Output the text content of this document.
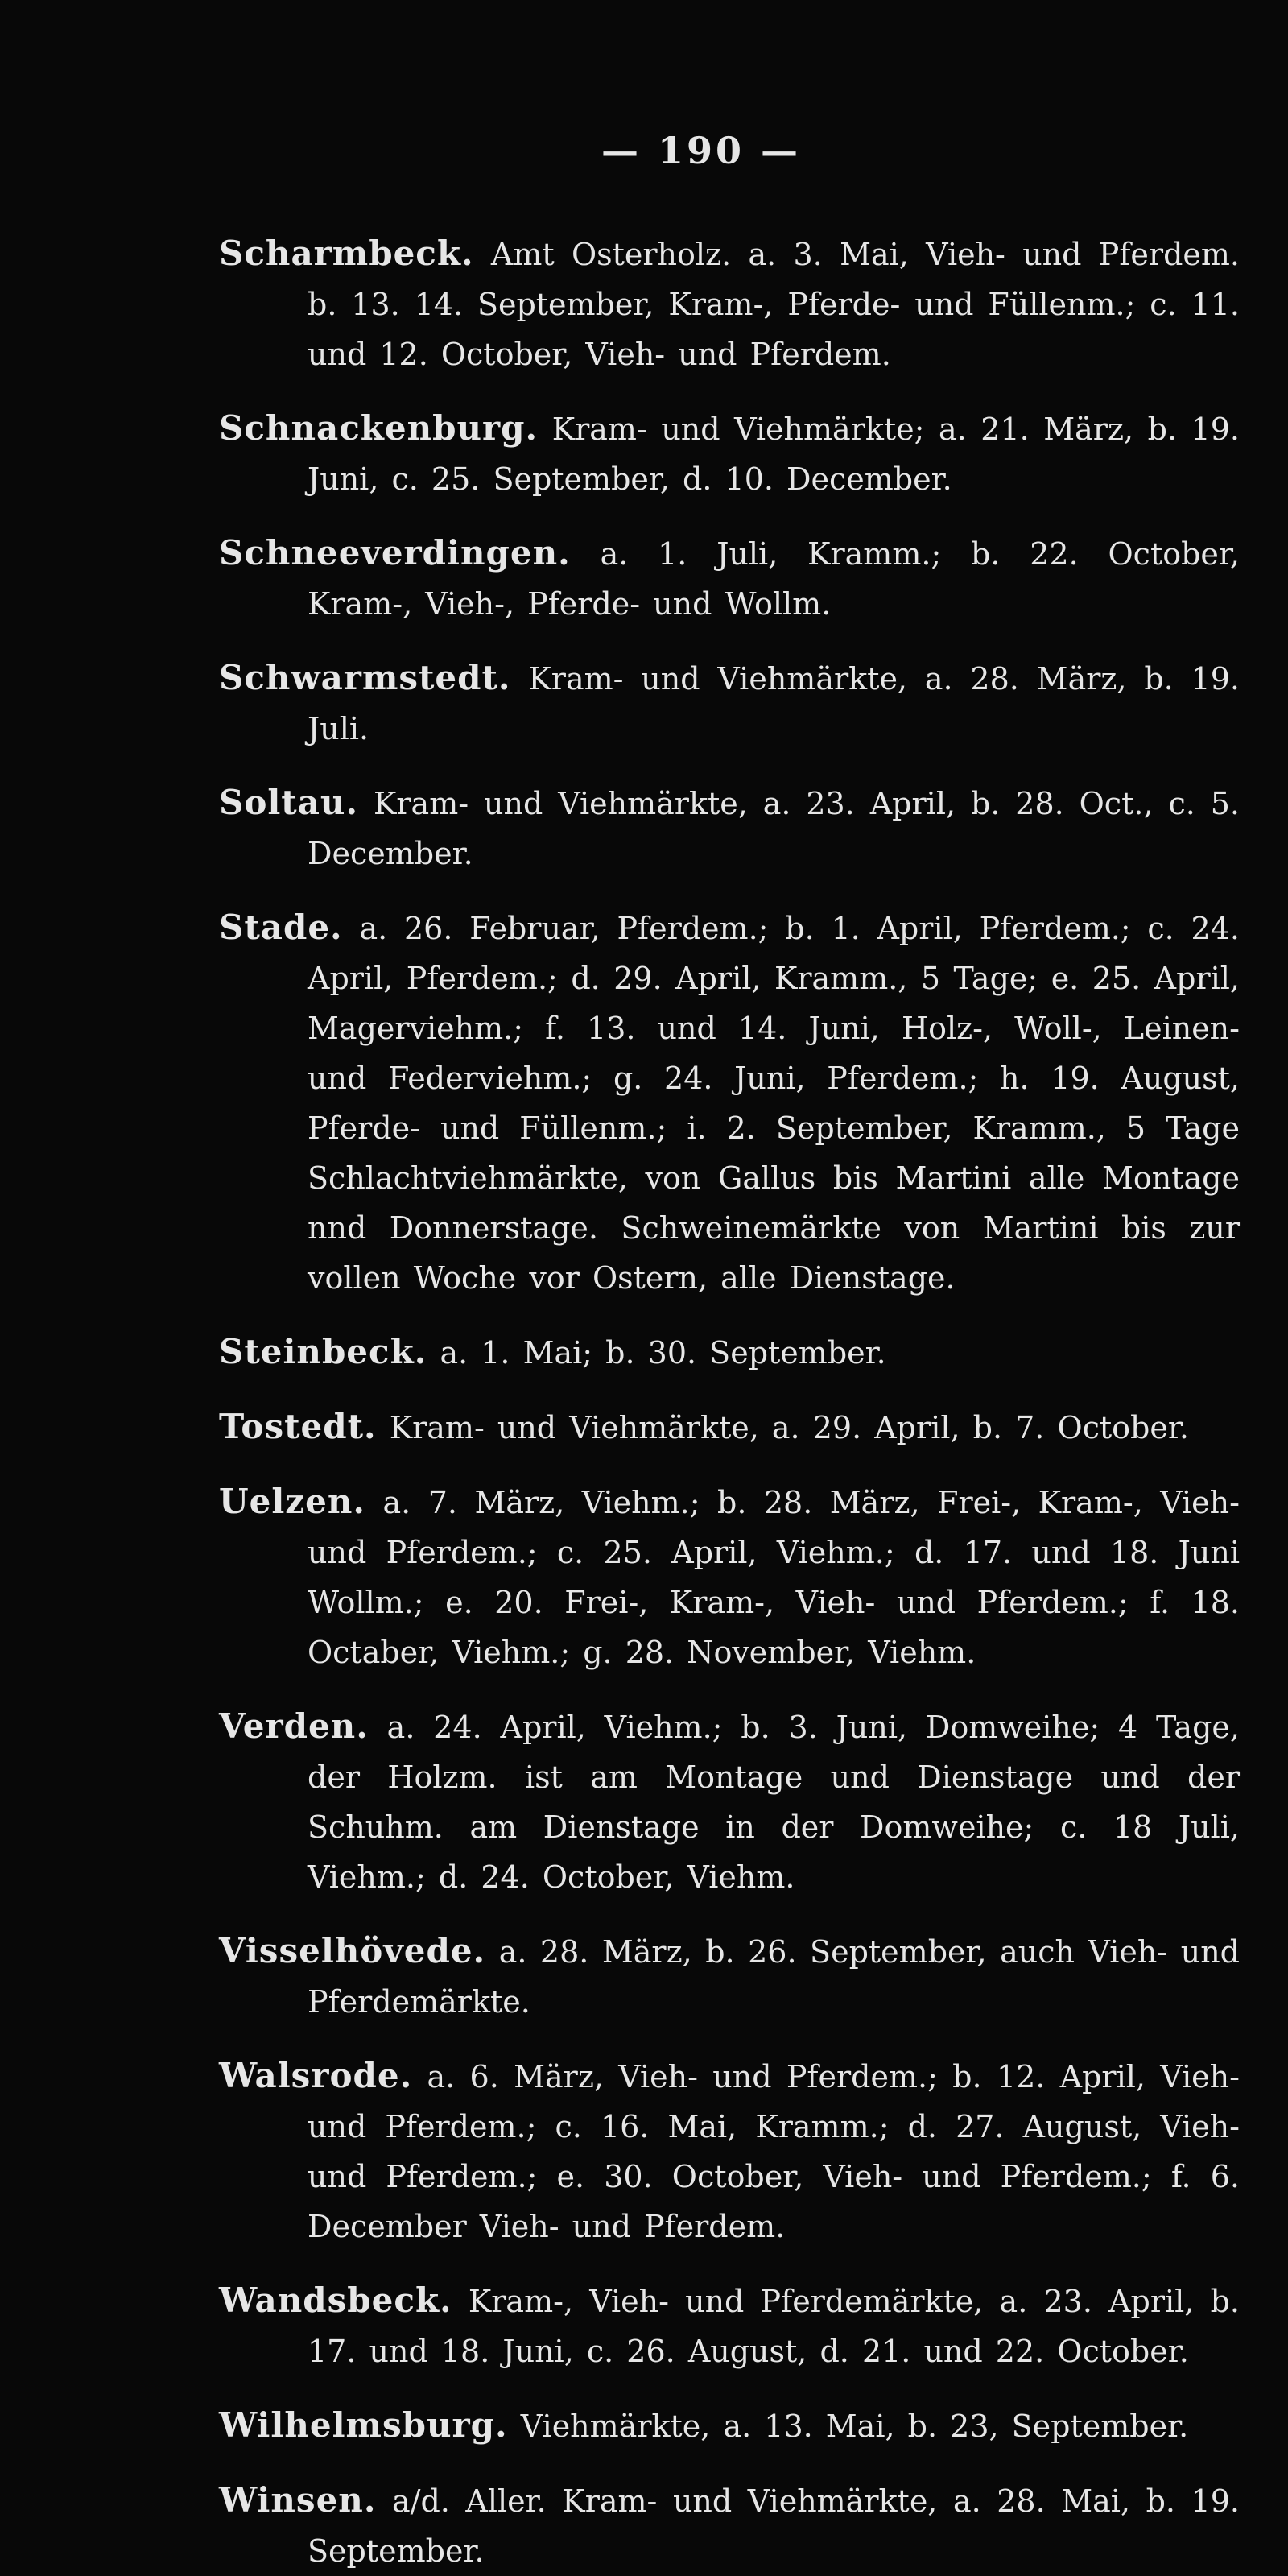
— 190 —

Scharmbeck. Amt Osterholz. a. 3. Mai, Vieh- und Pferdem. b. 13. 14. September, Kram-, Pferde- und Füllenm.; c. 11. und 12. October, Vieh- und Pferdem.

Schnackenburg. Kram- und Viehmärkte; a. 21. März, b. 19. Juni, c. 25. September, d. 10. December.

Schneeverdingen. a. 1. Juli, Kramm.; b. 22. October, Kram-, Vieh-, Pferde- und Wollm.

Schwarmstedt. Kram- und Viehmärkte, a. 28. März, b. 19. Juli.

Soltau. Kram- und Viehmärkte, a. 23. April, b. 28. Oct., c. 5. December.

Stade. a. 26. Februar, Pferdem.; b. 1. April, Pferdem.; c. 24. April, Pferdem.; d. 29. April, Kramm., 5 Tage; e. 25. April, Magerviehm.; f. 13. und 14. Juni, Holz-, Woll-, Leinen- und Federviehm.; g. 24. Juni, Pferdem.; h. 19. August, Pferde- und Füllenm.; i. 2. September, Kramm., 5 Tage Schlachtviehmärkte, von Gallus bis Martini alle Montage nnd Donnerstage. Schweinemärkte von Martini bis zur vollen Woche vor Ostern, alle Dienstage.

Steinbeck. a. 1. Mai; b. 30. September.

Tostedt. Kram- und Viehmärkte, a. 29. April, b. 7. October.

Uelzen. a. 7. März, Viehm.; b. 28. März, Frei-, Kram-, Vieh- und Pferdem.; c. 25. April, Viehm.; d. 17. und 18. Juni Wollm.; e. 20. Frei-, Kram-, Vieh- und Pferdem.; f. 18. Octaber, Viehm.; g. 28. November, Viehm.

Verden. a. 24. April, Viehm.; b. 3. Juni, Domweihe; 4 Tage, der Holzm. ist am Montage und Dienstage und der Schuhm. am Dienstage in der Domweihe; c. 18 Juli, Viehm.; d. 24. October, Viehm.

Visselhövede. a. 28. März, b. 26. September, auch Vieh- und Pferdemärkte.

Walsrode. a. 6. März, Vieh- und Pferdem.; b. 12. April, Vieh- und Pferdem.; c. 16. Mai, Kramm.; d. 27. August, Vieh- und Pferdem.; e. 30. October, Vieh- und Pferdem.; f. 6. December Vieh- und Pferdem.

Wandsbeck. Kram-, Vieh- und Pferdemärkte, a. 23. April, b. 17. und 18. Juni, c. 26. August, d. 21. und 22. October.

Wilhelmsburg. Viehmärkte, a. 13. Mai, b. 23, September.

Winsen. a/d. Aller. Kram- und Viehmärkte, a. 28. Mai, b. 19. September.
